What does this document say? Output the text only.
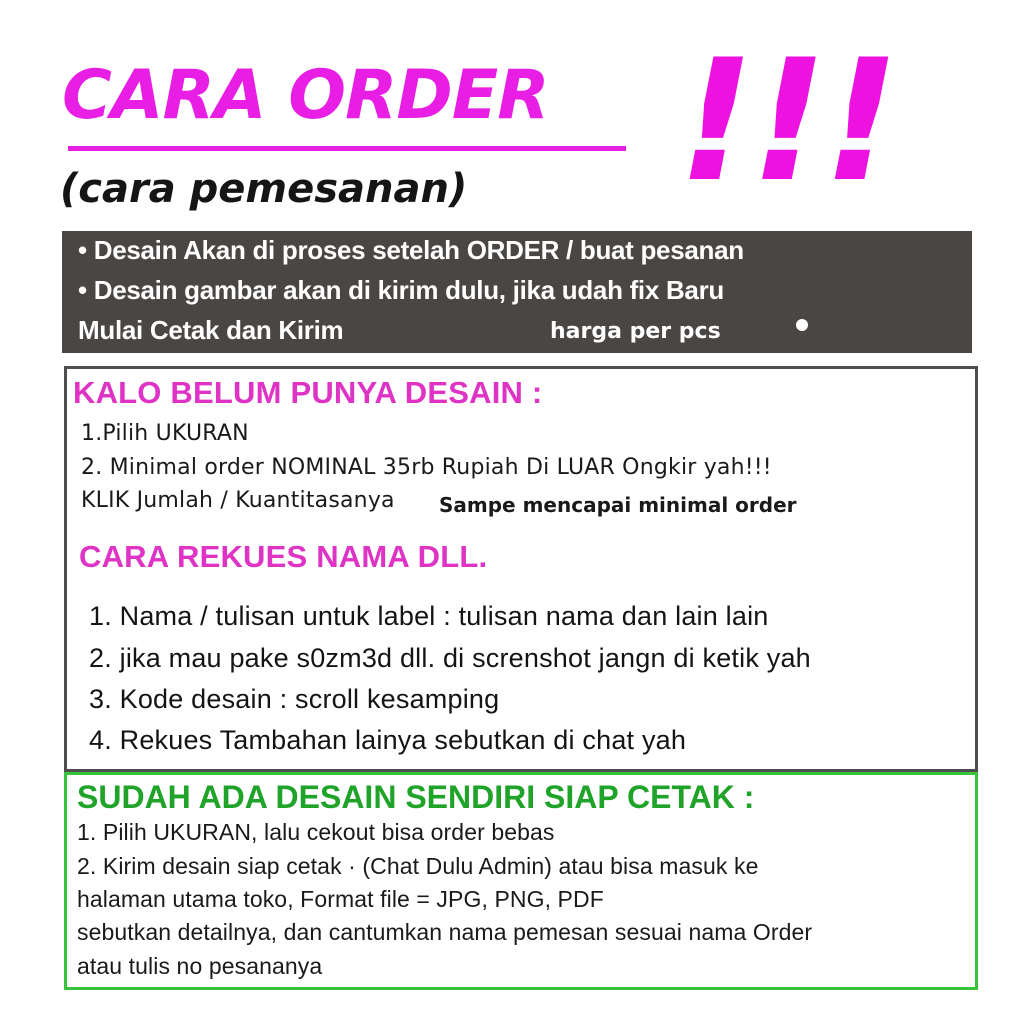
CARA ORDER
(cara pemesanan) !!!
• Desain Akan di proses setelah ORDER / buat pesanan
• Desain gambar akan di kirim dulu, jika udah fix Baru
Mulai Cetak dan Kirim	harga per pcs
KALO BELUM PUNYA DESAIN :
1.Pilih UKURAN
2. Minimal order NOMINAL 35rb Rupiah Di LUAR Ongkir yah!!!
KLIK Jumlah / Kuantitasanya Sampe mencapai minimal order
CARA REKUES NAMA DLL.
1. Nama / tulisan untuk label : tulisan nama dan lain lain
2. jika mau pake s0zm3d dll. di screnshot jangn di ketik yah
3. Kode desain : scroll kesamping
4. Rekues Tambahan lainya sebutkan di chat yah
SUDAH ADA DESAIN SENDIRI SIAP CETAK :
1. Pilih UKURAN, lalu cekout bisa order bebas
2. Kirim desain siap cetak · (Chat Dulu Admin) atau bisa masuk ke
halaman utama toko, Format file = JPG, PNG, PDF
sebutkan detailnya, dan cantumkan nama pemesan sesuai nama Order
atau tulis no pesananya
